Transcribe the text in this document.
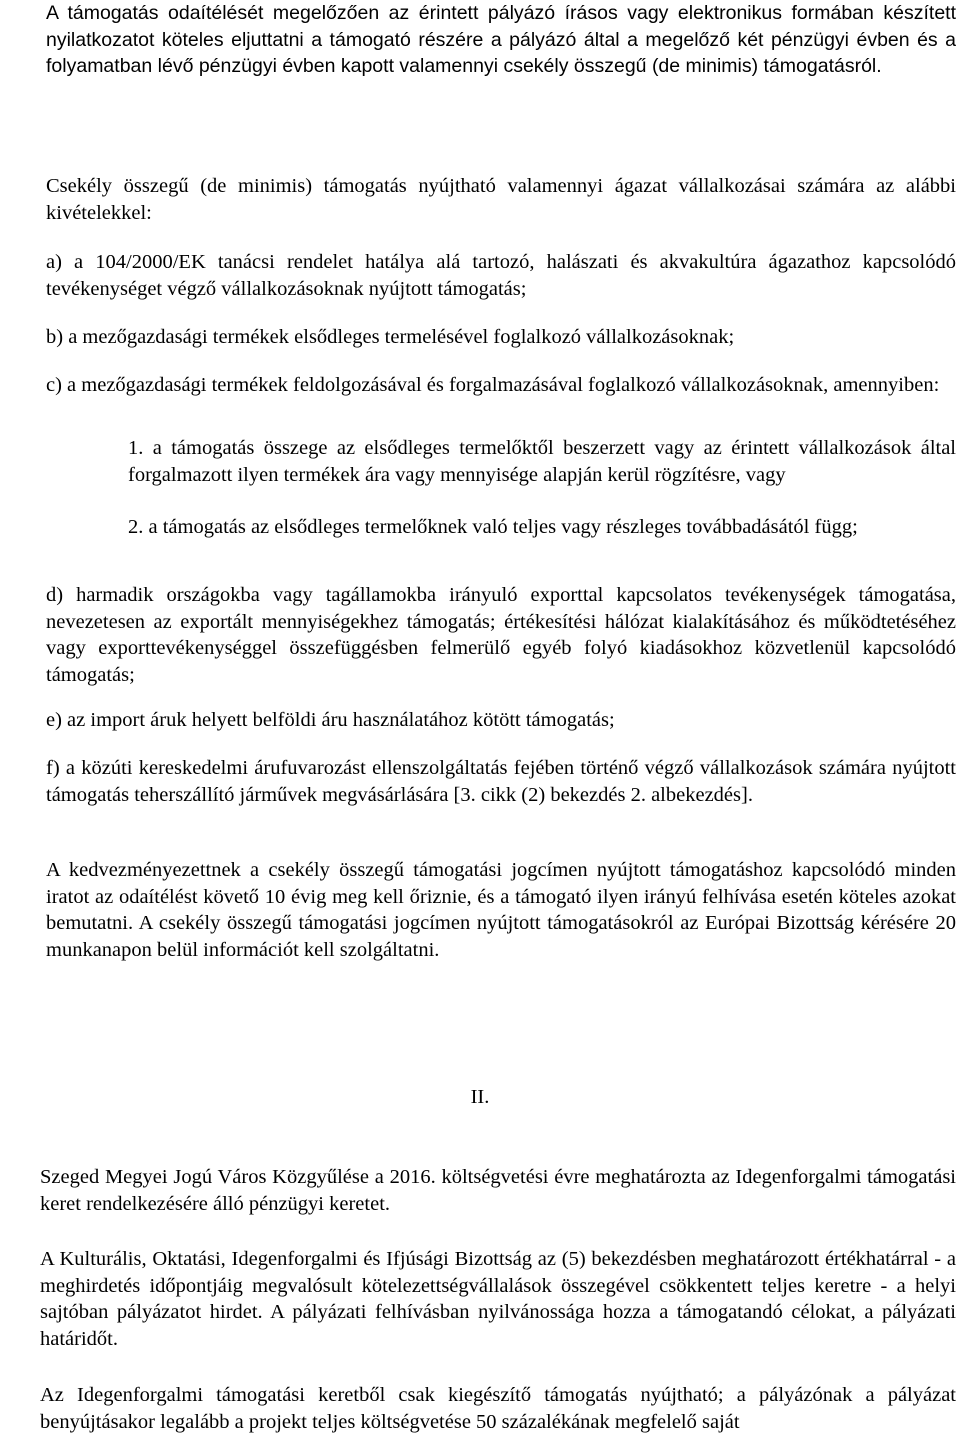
A támogatás odaítélését megelőzően az érintett pályázó írásos vagy elektronikus formában készített nyilatkozatot köteles eljuttatni a támogató részére a pályázó által a megelőző két pénzügyi évben és a folyamatban lévő pénzügyi évben kapott valamennyi csekély összegű (de minimis) támogatásról.

Csekély összegű (de minimis) támogatás nyújtható valamennyi ágazat vállalkozásai számára az alábbi kivételekkel:

a) a 104/2000/EK tanácsi rendelet hatálya alá tartozó, halászati és akvakultúra ágazathoz kapcsolódó tevékenységet végző vállalkozásoknak nyújtott támogatás;

b) a mezőgazdasági termékek elsődleges termelésével foglalkozó vállalkozásoknak;

c) a mezőgazdasági termékek feldolgozásával és forgalmazásával foglalkozó vállalkozásoknak, amennyiben:

1. a támogatás összege az elsődleges termelőktől beszerzett vagy az érintett vállalkozások által forgalmazott ilyen termékek ára vagy mennyisége alapján kerül rögzítésre, vagy

2. a támogatás az elsődleges termelőknek való teljes vagy részleges továbbadásától függ;

d) harmadik országokba vagy tagállamokba irányuló exporttal kapcsolatos tevékenységek támogatása, nevezetesen az exportált mennyiségekhez támogatás; értékesítési hálózat kialakításához és működtetéséhez vagy exporttevékenységgel összefüggésben felmerülő egyéb folyó kiadásokhoz közvetlenül kapcsolódó támogatás;

e) az import áruk helyett belföldi áru használatához kötött támogatás;

f) a közúti kereskedelmi árufuvarozást ellenszolgáltatás fejében történő végző vállalkozások számára nyújtott támogatás teherszállító járművek megvásárlására [3. cikk (2) bekezdés 2. albekezdés].

A kedvezményezettnek a csekély összegű támogatási jogcímen nyújtott támogatáshoz kapcsolódó minden iratot az odaítélést követő 10 évig meg kell őriznie, és a támogató ilyen irányú felhívása esetén köteles azokat bemutatni. A csekély összegű támogatási jogcímen nyújtott támogatásokról az Európai Bizottság kérésére 20 munkanapon belül információt kell szolgáltatni.

II.

Szeged Megyei Jogú Város Közgyűlése a 2016. költségvetési évre meghatározta az Idegenforgalmi támogatási keret rendelkezésére álló pénzügyi keretet.

A Kulturális, Oktatási, Idegenforgalmi és Ifjúsági Bizottság az (5) bekezdésben meghatározott értékhatárral - a meghirdetés időpontjáig megvalósult kötelezettségvállalások összegével csökkentett teljes keretre - a helyi sajtóban pályázatot hirdet. A pályázati felhívásban nyilvánossága hozza a támogatandó célokat, a pályázati határidőt.

Az Idegenforgalmi támogatási keretből csak kiegészítő támogatás nyújtható; a pályázónak a pályázat benyújtásakor legalább a projekt teljes költségvetése 50 százalékának megfelelő saját
